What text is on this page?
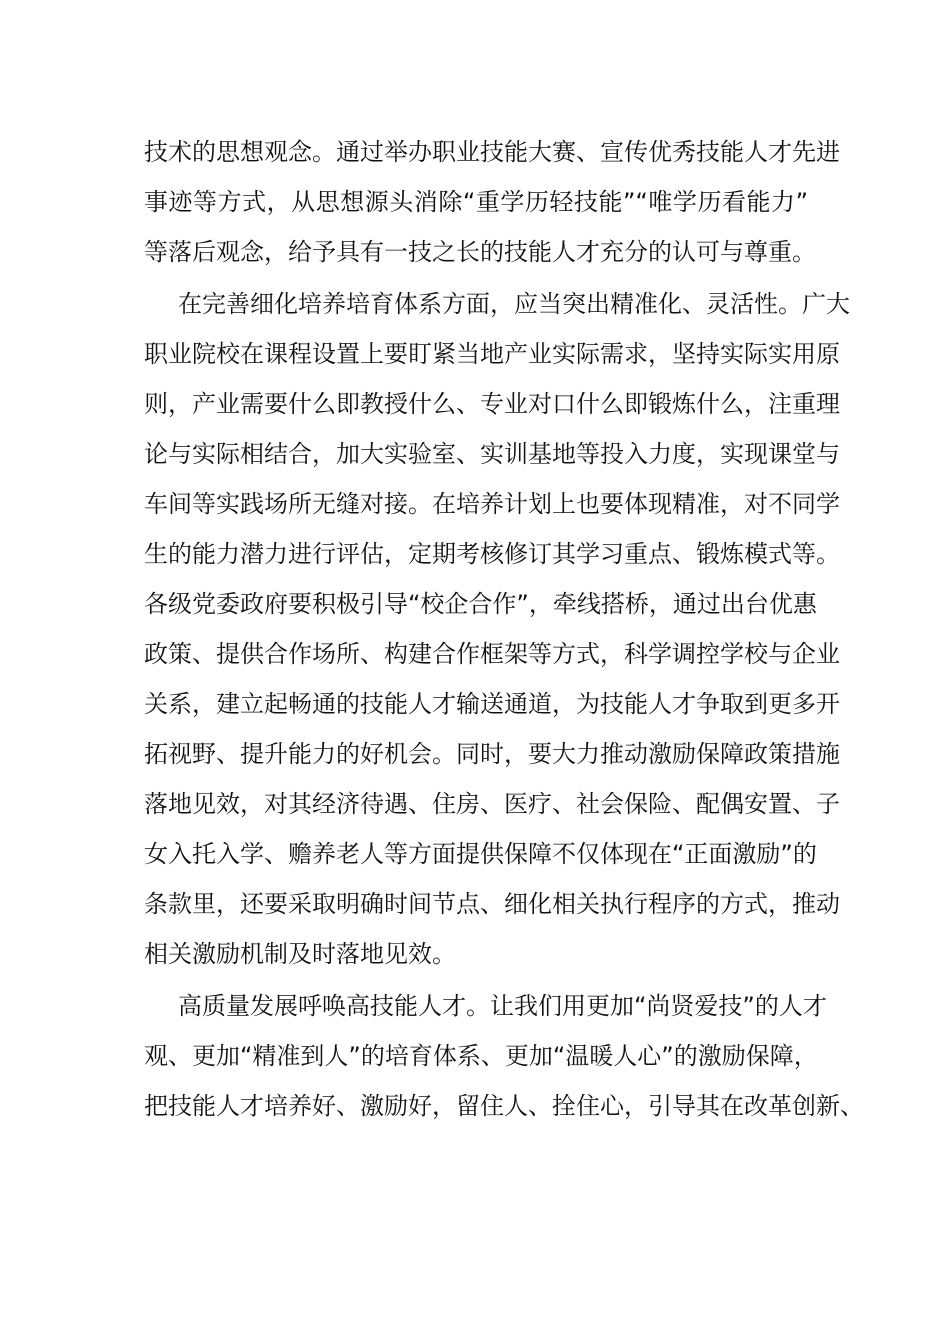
技术的思想观念。通过举办职业技能大赛、宣传优秀技能人才先进
事迹等方式，从思想源头消除“重学历轻技能”“唯学历看能力”
等落后观念，给予具有一技之长的技能人才充分的认可与尊重。
在完善细化培养培育体系方面，应当突出精准化、灵活性。广大
职业院校在课程设置上要盯紧当地产业实际需求，坚持实际实用原
则，产业需要什么即教授什么、专业对口什么即锻炼什么，注重理
论与实际相结合，加大实验室、实训基地等投入力度，实现课堂与
车间等实践场所无缝对接。在培养计划上也要体现精准，对不同学
生的能力潜力进行评估，定期考核修订其学习重点、锻炼模式等。
各级党委政府要积极引导“校企合作”，牵线搭桥，通过出台优惠
政策、提供合作场所、构建合作框架等方式，科学调控学校与企业
关系，建立起畅通的技能人才输送通道，为技能人才争取到更多开
拓视野、提升能力的好机会。同时，要大力推动激励保障政策措施
落地见效，对其经济待遇、住房、医疗、社会保险、配偶安置、子
女入托入学、赡养老人等方面提供保障不仅体现在“正面激励”的
条款里，还要采取明确时间节点、细化相关执行程序的方式，推动
相关激励机制及时落地见效。
高质量发展呼唤高技能人才。让我们用更加“尚贤爱技”的人才
观、更加“精准到人”的培育体系、更加“温暖人心”的激励保障，
把技能人才培养好、激励好，留住人、拴住心，引导其在改革创新、
